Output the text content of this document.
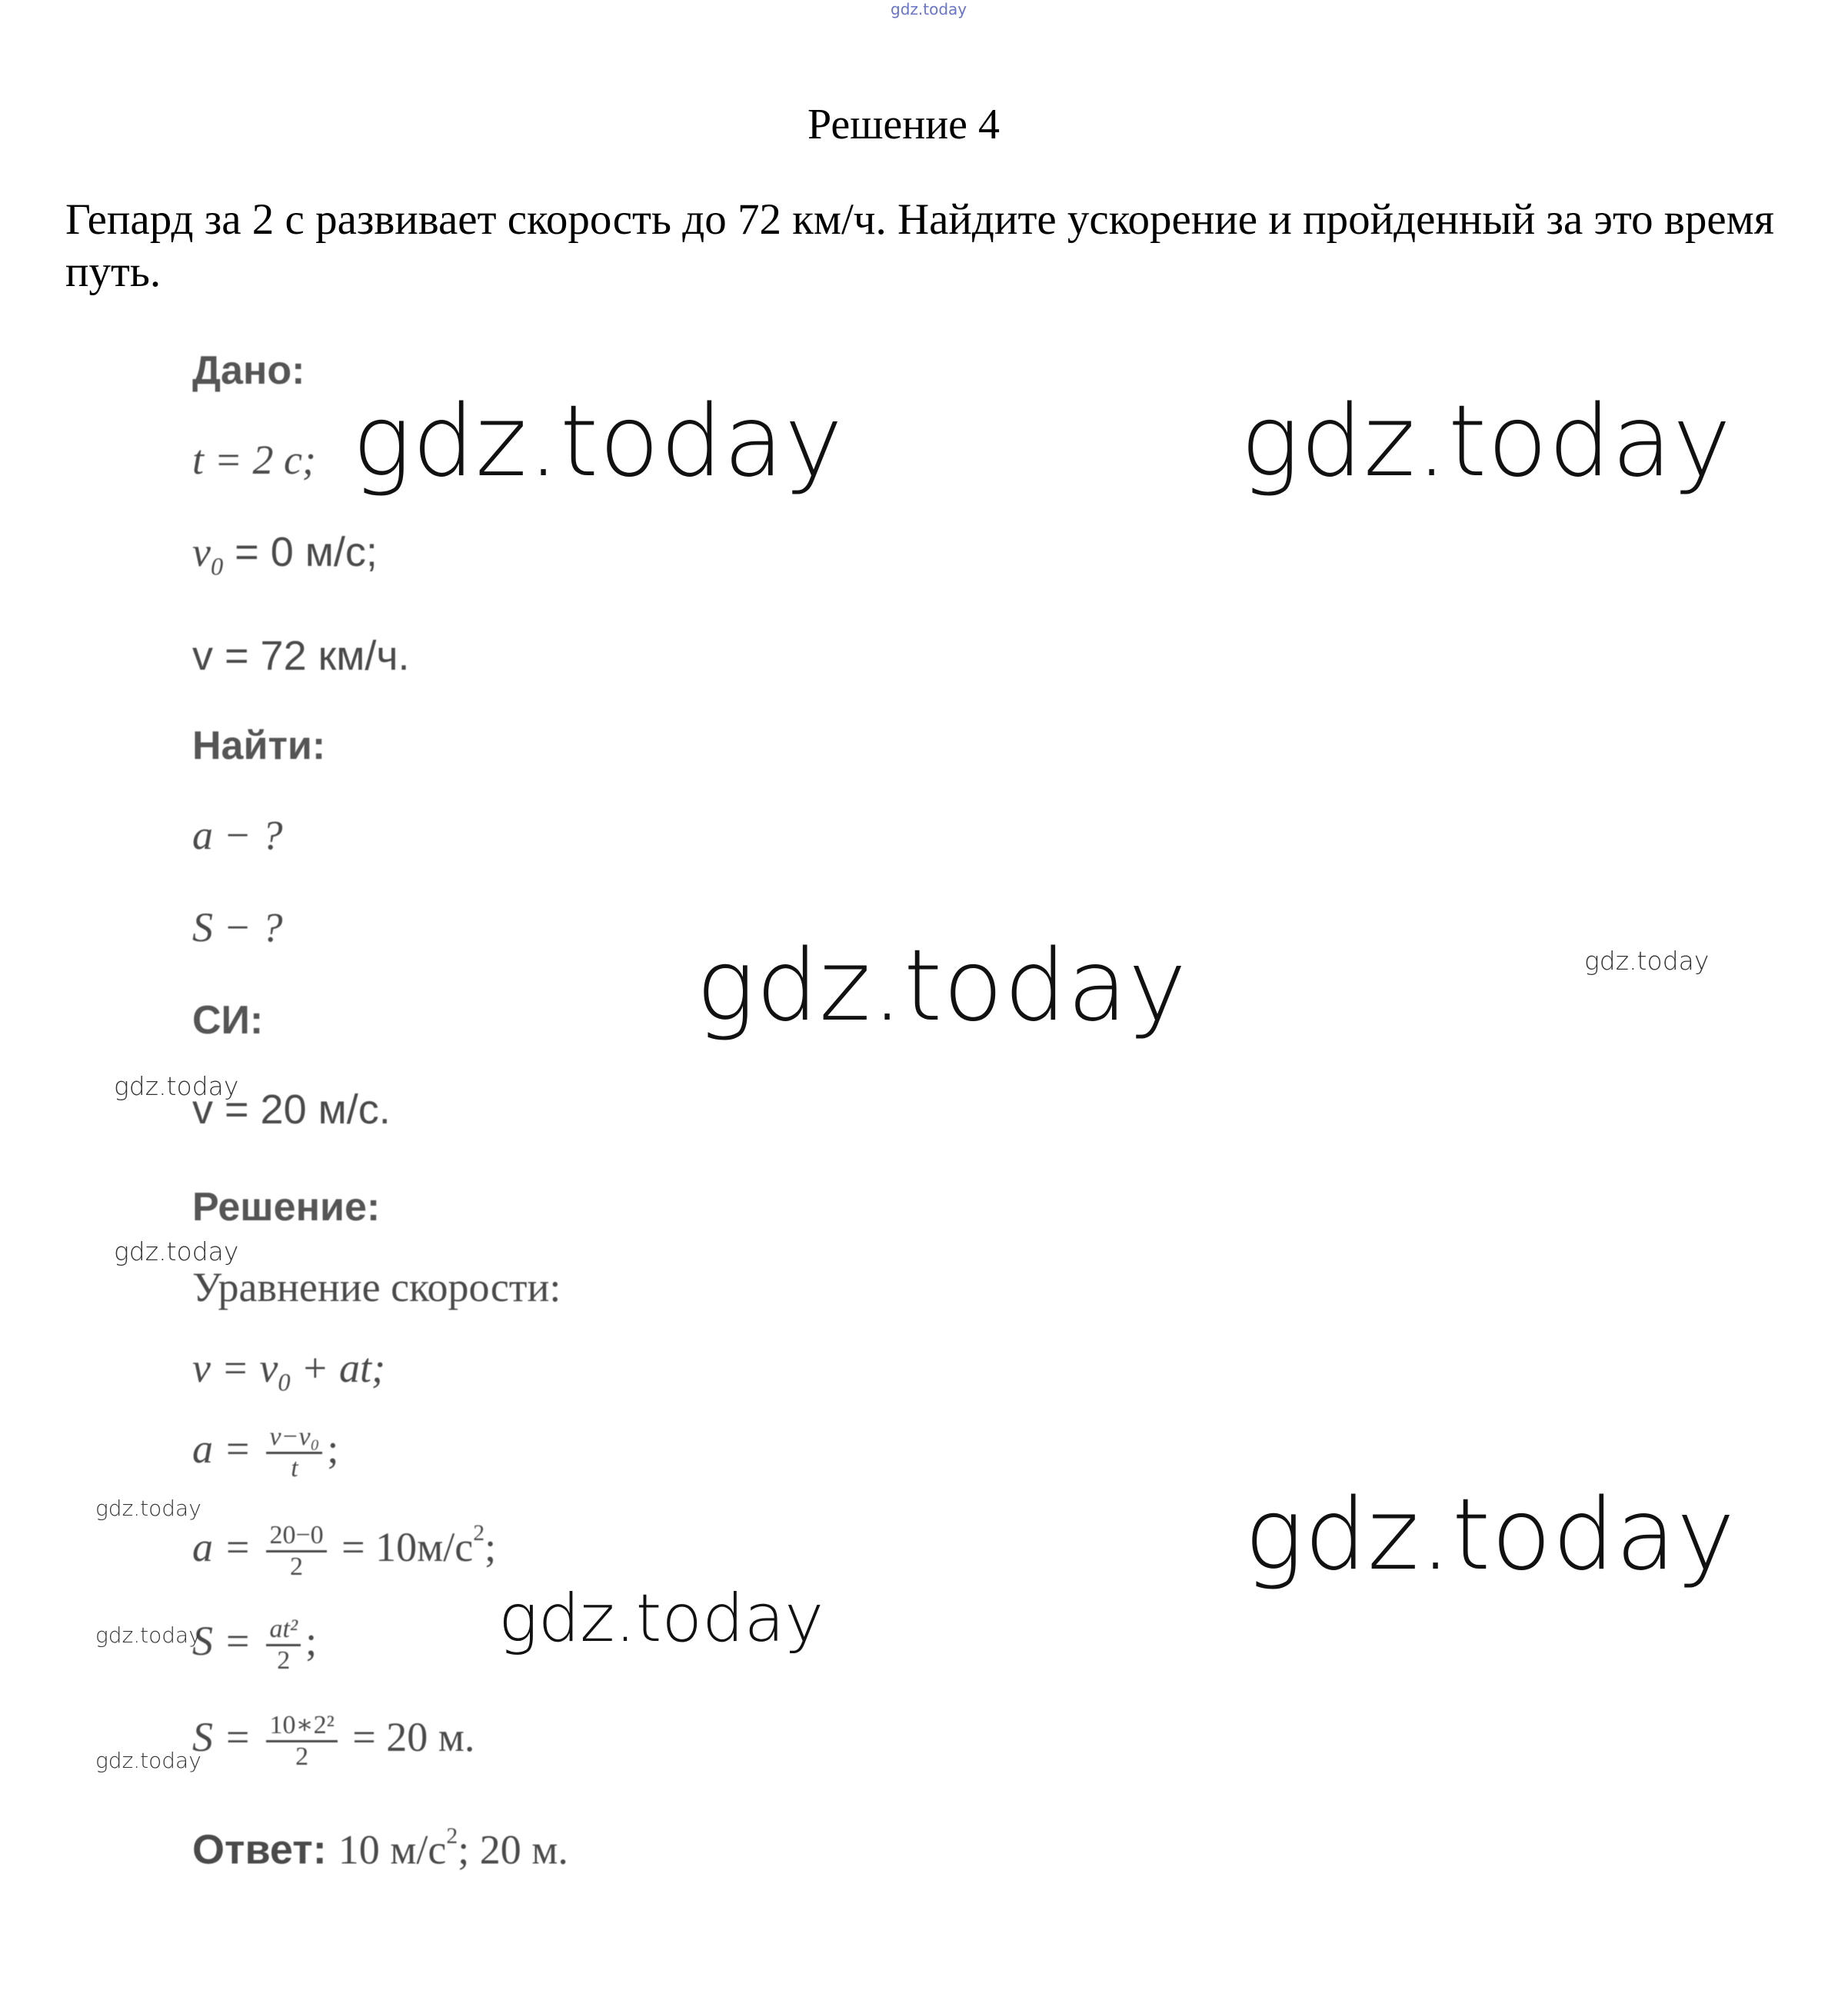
gdz.today
Решение 4
Гепард за 2 с развивает скорость до 72 км/ч. Найдите ускорение и пройденный за это время путь.
Дано:
t = 2 с;
$v_0 = 0$ м/с;
v = 72 км/ч.
Найти:
a − ?
S − ?
СИ:
v = 20 м/с.
Решение:
Уравнение скорости:
$v = v_0$ + at;
$a = \frac{\text{v−v₀}}{t}$ ;
$a = \frac{20-0}{2} = 10м/с^2$;
$S = \frac{\text{at²}}{2}$ ;
$S = \frac{\text{10∗2²}}{2} = 20$ м.
Ответ: 10 $м/с^2$; 20 м.
gdz.today	gdz.today
gdz.today
gdz.today
gdz.today
gdz.today
gdz.today
gdz.today
gdz.today
gdz.today
gdz.today
